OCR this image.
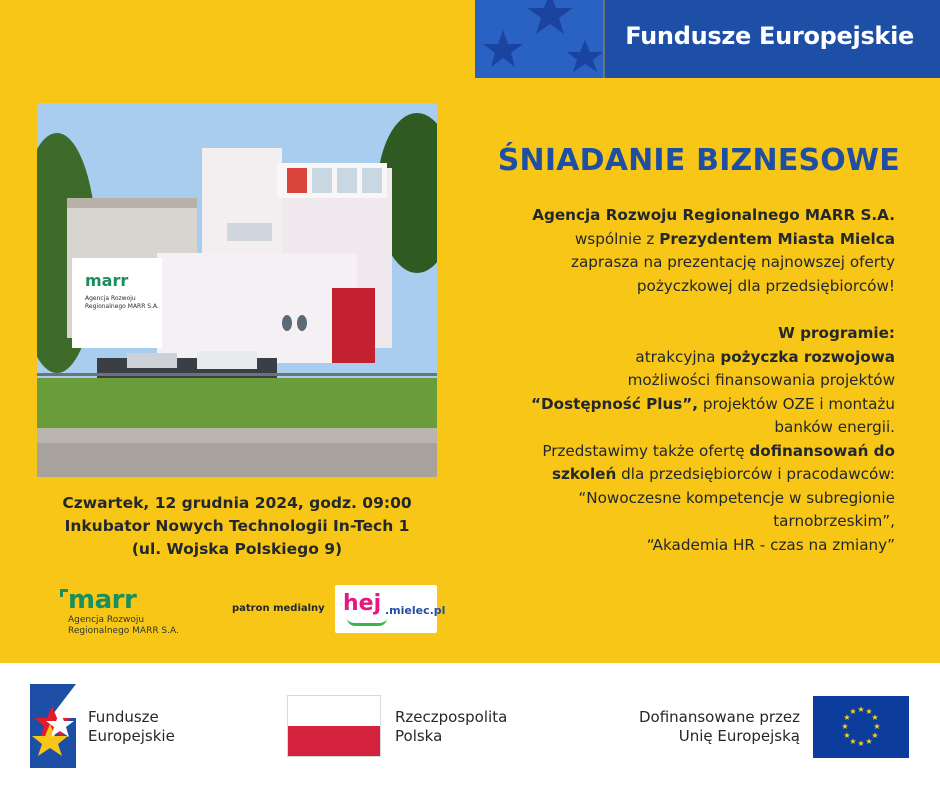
Fundusze Europejskie
marr
Agencja Rozwoju
Regionalnego MARR S.A.
Czwartek, 12 grudnia 2024, godz. 09:00
Inkubator Nowych Technologii In-Tech 1
(ul. Wojska Polskiego 9)
ŚNIADANIE BIZNESOWE
Agencja Rozwoju Regionalnego MARR S.A.
wspólnie z Prezydentem Miasta Mielca
zaprasza na prezentację najnowszej oferty
pożyczkowej dla przedsiębiorców!
W programie:
atrakcyjna pożyczka rozwojowa
możliwości finansowania projektów
“Dostępność Plus”, projektów OZE i montażu
banków energii.
Przedstawimy także ofertę dofinansowań do
szkoleń dla przedsiębiorców i pracodawców:
“Nowoczesne kompetencje w subregionie
tarnobrzeskim”,
“Akademia HR - czas na zmiany”
marr
Agencja Rozwoju
Regionalnego MARR S.A.
patron medialny hej .mielec.pl
Fundusze
Europejskie
Rzeczpospolita
Polska
Dofinansowane przez
Unię Europejską
★ ★
★
★
★
★
★
★
★
★
★
★
